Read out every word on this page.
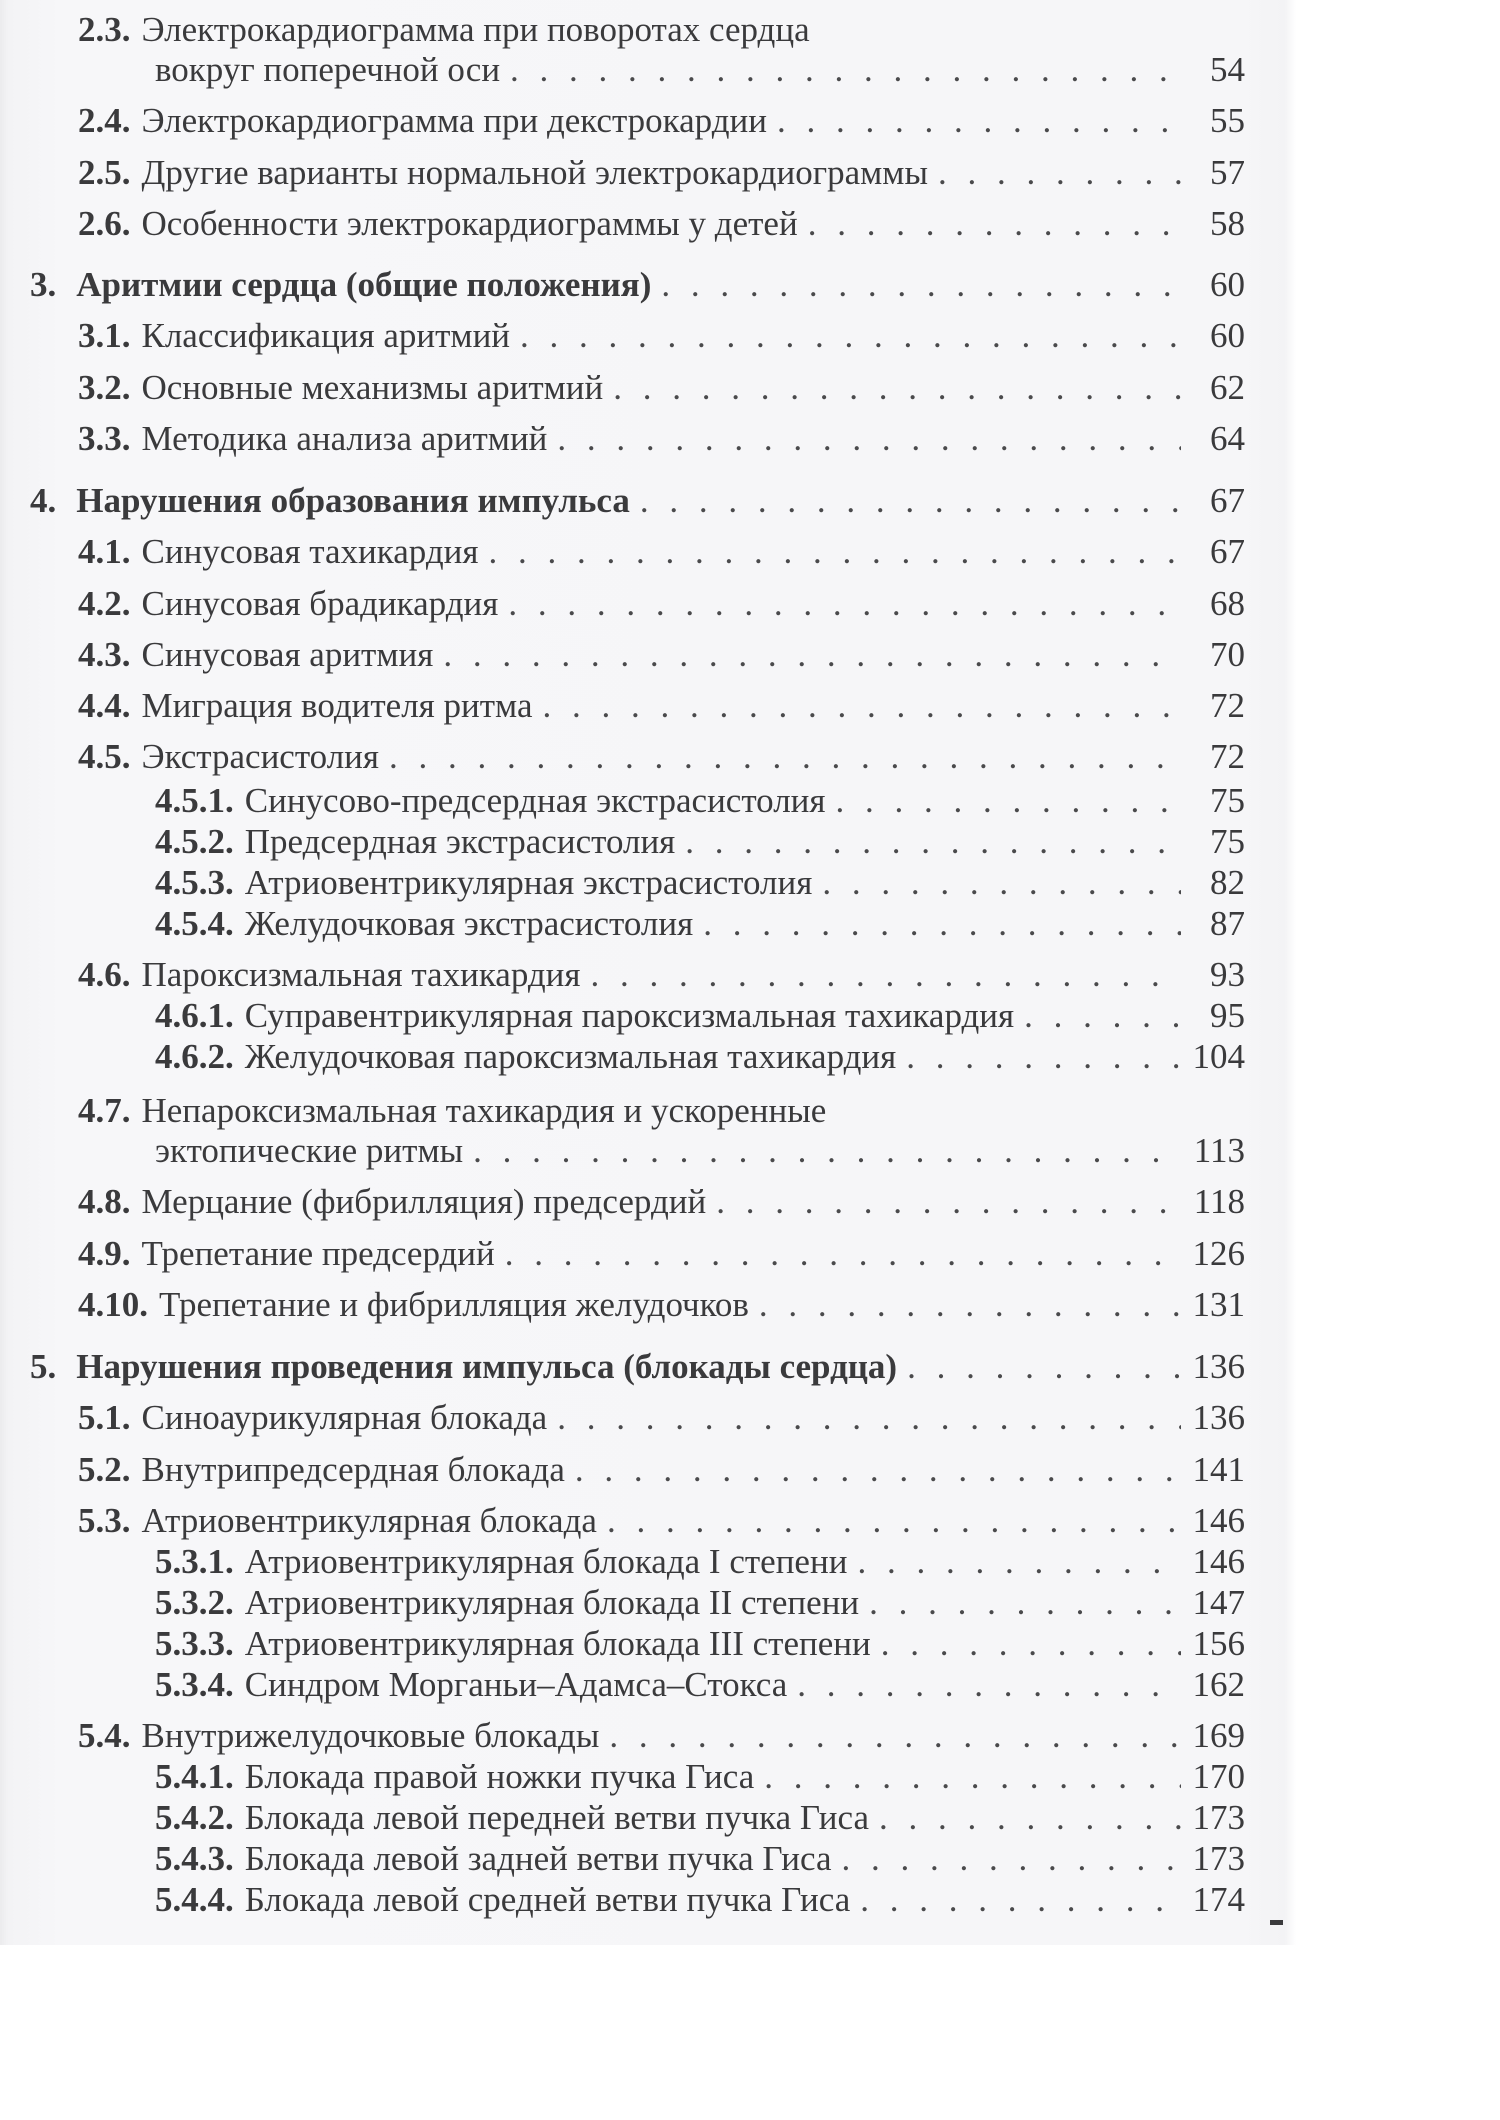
2.3. Электрокардиограмма при поворотах сердца
вокруг поперечной оси . . .	54
2.4. Электрокардиограмма при декстрокардии . . .	55
2.5. Другие варианты нормальной электрокардиограммы . . .	57
2.6. Особенности электрокардиограммы у детей . . .	58
3. Аритмии сердца (общие положения) . . .	60
3.1. Классификация аритмий . . .	60
3.2. Основные механизмы аритмий . . .	62
3.3. Методика анализа аритмий . . .	64
4. Нарушения образования импульса . . .	67
4.1. Синусовая тахикардия . . .	67
4.2. Синусовая брадикардия . . .	68
4.3. Синусовая аритмия . . .	70
4.4. Миграция водителя ритма . . .	72
4.5. Экстрасистолия . . .	72
4.5.1. Синусово-предсердная экстрасистолия . . .	75
4.5.2. Предсердная экстрасистолия . . .	75
4.5.3. Атриовентрикулярная экстрасистолия . . .	82
4.5.4. Желудочковая экстрасистолия . . .	87
4.6. Пароксизмальная тахикардия . . .	93
4.6.1. Суправентрикулярная пароксизмальная тахикардия . . .	95
4.6.2. Желудочковая пароксизмальная тахикардия . . .	104
4.7. Непароксизмальная тахикардия и ускоренные
эктопические ритмы . . .	113
4.8. Мерцание (фибрилляция) предсердий . . .	118
4.9. Трепетание предсердий . . .	126
4.10. Трепетание и фибрилляция желудочков . . .	131
5. Нарушения проведения импульса (блокады сердца) . . .	136
5.1. Синоаурикулярная блокада . . .	136
5.2. Внутрипредсердная блокада . . .	141
5.3. Атриовентрикулярная блокада . . .	146
5.3.1. Атриовентрикулярная блокада I степени . . .	146
5.3.2. Атриовентрикулярная блокада II степени . . .	147
5.3.3. Атриовентрикулярная блокада III степени . . .	156
5.3.4. Синдром Морганьи–Адамса–Стокса . . .	162
5.4. Внутрижелудочковые блокады . . .	169
5.4.1. Блокада правой ножки пучка Гиса . . .	170
5.4.2. Блокада левой передней ветви пучка Гиса . . .	173
5.4.3. Блокада левой задней ветви пучка Гиса . . .	173
5.4.4. Блокада левой средней ветви пучка Гиса . . .	174
